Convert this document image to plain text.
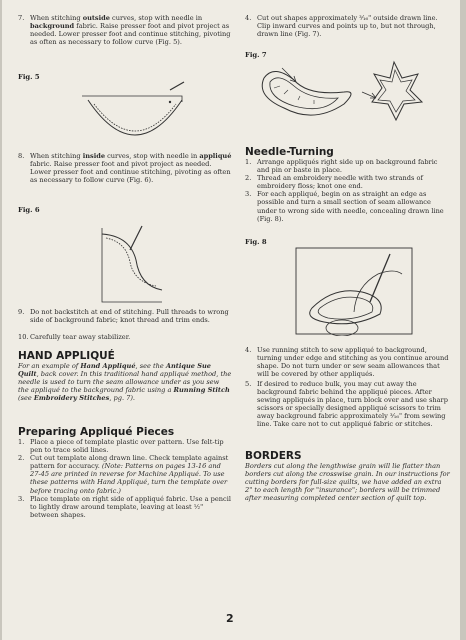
7. When stitching outside curves, stop with needle in background fabric. Raise presser foot and pivot project as needed. Lower presser foot and continue stitching, pivoting as often as necessary to follow curve (Fig. 5).
Fig. 5
8. When stitching inside curves, stop with needle in appliqué fabric. Raise presser foot and pivot project as needed. Lower presser foot and continue stitching, pivoting as often as necessary to follow curve (Fig. 6).
Fig. 6
9. Do not backstitch at end of stitching. Pull threads to wrong side of background fabric; knot thread and trim ends.
10. Carefully tear away stabilizer.
HAND APPLIQUÉ
For an example of Hand Appliqué, see the Antique Sue Quilt, back cover. In this traditional hand appliqué method, the needle is used to turn the seam allowance under as you sew the appliqué to the background fabric using a Running Stitch (see Embroidery Stitches, pg. 7).
Preparing Appliqué Pieces
1. Place a piece of template plastic over pattern. Use felt-tip pen to trace solid lines.
2. Cut out template along drawn line. Check template against pattern for accuracy. (Note: Patterns on pages 13-16 and 27-45 are printed in reverse for Machine Appliqué. To use these patterns with Hand Appliqué, turn the template over before tracing onto fabric.)
3. Place template on right side of appliqué fabric. Use a pencil to lightly draw around template, leaving at least ½" between shapes.
4. Cut out shapes approximately ³⁄₁₆" outside drawn line. Clip inward curves and points up to, but not through, drawn line (Fig. 7).
Fig. 7
Needle-Turning
1. Arrange appliqués right side up on background fabric and pin or baste in place.
2. Thread an embroidery needle with two strands of embroidery floss; knot one end.
3. For each appliqué, begin on as straight an edge as possible and turn a small section of seam allowance under to wrong side with needle, concealing drawn line (Fig. 8).
Fig. 8
4. Use running stitch to sew appliqué to background, turning under edge and stitching as you continue around shape. Do not turn under or sew seam allowances that will be covered by other appliqués.
5. If desired to reduce bulk, you may cut away the background fabric behind the appliqué pieces. After sewing appliqués in place, turn block over and use sharp scissors or specially designed appliqué scissors to trim away background fabric approximately ³⁄₁₆" from sewing line. Take care not to cut appliqué fabric or stitches.
BORDERS
Borders cut along the lengthwise grain will lie flatter than borders cut along the crosswise grain. In our instructions for cutting borders for full-size quilts, we have added an extra 2" to each length for "insurance"; borders will be trimmed after measuring completed center section of quilt top.
2
